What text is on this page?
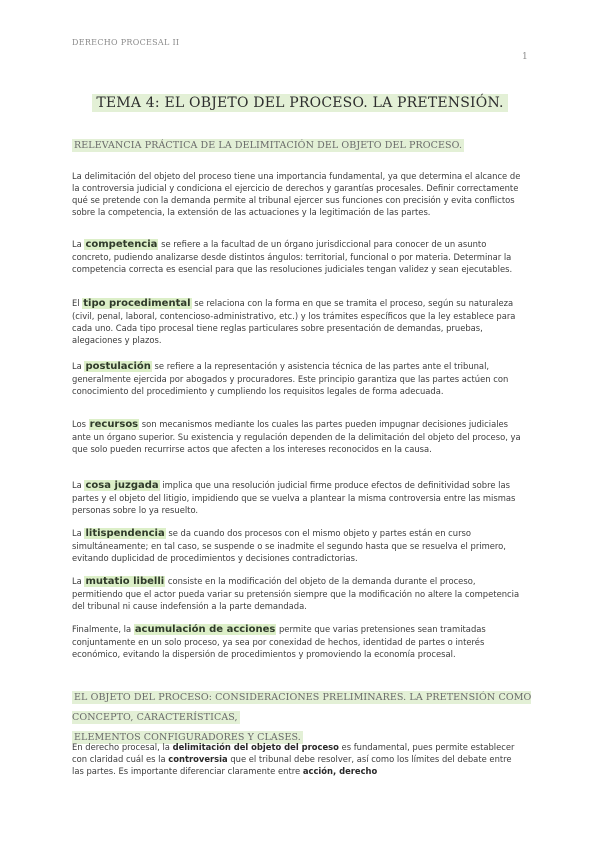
DERECHO PROCESAL II
1
TEMA 4: EL OBJETO DEL PROCESO. LA PRETENSIÓN.
RELEVANCIA PRÁCTICA DE LA DELIMITACIÓN DEL OBJETO DEL PROCESO.
La delimitación del objeto del proceso tiene una importancia fundamental, ya que determina el alcance de la controversia judicial y condiciona el ejercicio de derechos y garantías procesales. Definir correctamente qué se pretende con la demanda permite al tribunal ejercer sus funciones con precisión y evita conflictos sobre la competencia, la extensión de las actuaciones y la legitimación de las partes.
La competencia se refiere a la facultad de un órgano jurisdiccional para conocer de un asunto concreto, pudiendo analizarse desde distintos ángulos: territorial, funcional o por materia. Determinar la competencia correcta es esencial para que las resoluciones judiciales tengan validez y sean ejecutables.
El tipo procedimental se relaciona con la forma en que se tramita el proceso, según su naturaleza (civil, penal, laboral, contencioso-administrativo, etc.) y los trámites específicos que la ley establece para cada uno. Cada tipo procesal tiene reglas particulares sobre presentación de demandas, pruebas, alegaciones y plazos.
La postulación se refiere a la representación y asistencia técnica de las partes ante el tribunal, generalmente ejercida por abogados y procuradores. Este principio garantiza que las partes actúen con conocimiento del procedimiento y cumpliendo los requisitos legales de forma adecuada.
Los recursos son mecanismos mediante los cuales las partes pueden impugnar decisiones judiciales ante un órgano superior. Su existencia y regulación dependen de la delimitación del objeto del proceso, ya que solo pueden recurrirse actos que afecten a los intereses reconocidos en la causa.
La cosa juzgada implica que una resolución judicial firme produce efectos de definitividad sobre las partes y el objeto del litigio, impidiendo que se vuelva a plantear la misma controversia entre las mismas personas sobre lo ya resuelto.
La litispendencia se da cuando dos procesos con el mismo objeto y partes están en curso simultáneamente; en tal caso, se suspende o se inadmite el segundo hasta que se resuelva el primero, evitando duplicidad de procedimientos y decisiones contradictorias.
La mutatio libelli consiste en la modificación del objeto de la demanda durante el proceso, permitiendo que el actor pueda variar su pretensión siempre que la modificación no altere la competencia del tribunal ni cause indefensión a la parte demandada.
Finalmente, la acumulación de acciones permite que varias pretensiones sean tramitadas conjuntamente en un solo proceso, ya sea por conexidad de hechos, identidad de partes o interés económico, evitando la dispersión de procedimientos y promoviendo la economía procesal.
EL OBJETO DEL PROCESO: CONSIDERACIONES PRELIMINARES. LA PRETENSIÓN COMO CONCEPTO, CARACTERÍSTICAS,
ELEMENTOS CONFIGURADORES Y CLASES.
En derecho procesal, la delimitación del objeto del proceso es fundamental, pues permite establecer con claridad cuál es la controversia que el tribunal debe resolver, así como los límites del debate entre las partes. Es importante diferenciar claramente entre acción, derecho
